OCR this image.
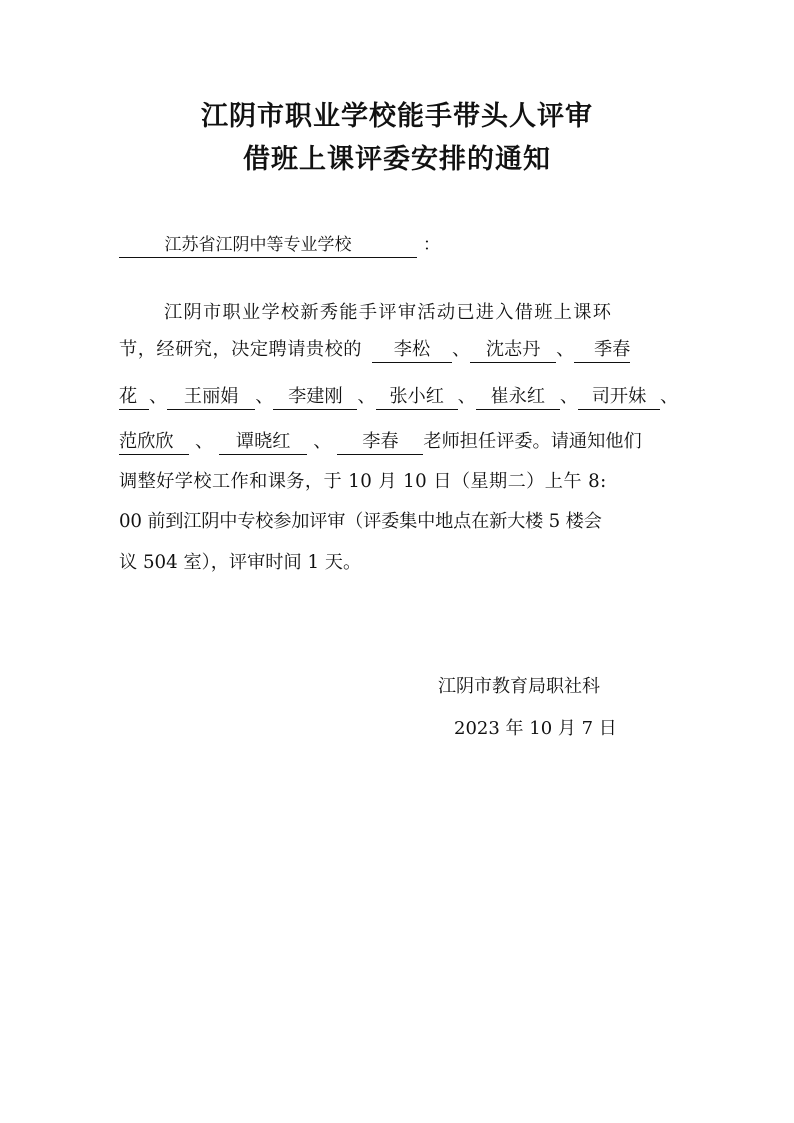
江阴市职业学校能手带头人评审
借班上课评委安排的通知
江苏省江阴中等专业学校	：
江阴市职业学校新秀能手评审活动已进入借班上课环
节，经研究，决定聘请贵校的 李松 、 沈志丹 、 季春
花 、 王丽娟 、 李建刚 、 张小红 、 崔永红 、 司开妹 、
范欣欣 、 谭晓红 、 李春 老师担任评委。请通知他们
调整好学校工作和课务，于 10 月 10 日（星期二）上午 8:
00 前到江阴中专校参加评审（评委集中地点在新大楼 5 楼会
议 504 室），评审时间 1 天。
江阴市教育局职社科
2023 年 10 月 7 日
